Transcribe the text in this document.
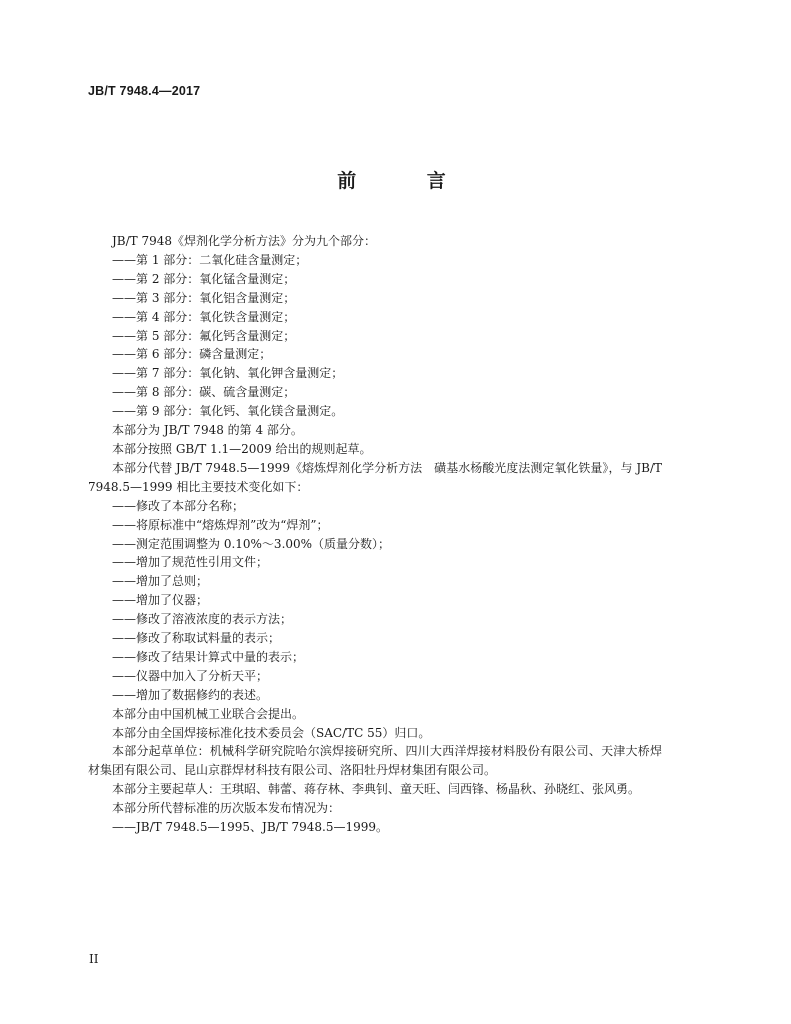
JB/T 7948.4—2017
前 言

JB/T 7948《焊剂化学分析方法》分为九个部分：

——第 1 部分：二氧化硅含量测定；

——第 2 部分：氧化锰含量测定；

——第 3 部分：氧化铝含量测定；

——第 4 部分：氧化铁含量测定；

——第 5 部分：氟化钙含量测定；

——第 6 部分：磷含量测定；

——第 7 部分：氧化钠、氧化钾含量测定；

——第 8 部分：碳、硫含量测定；

——第 9 部分：氧化钙、氧化镁含量测定。

本部分为 JB/T 7948 的第 4 部分。

本部分按照 GB/T 1.1—2009 给出的规则起草。

本部分代替 JB/T 7948.5—1999《熔炼焊剂化学分析方法　磺基水杨酸光度法测定氧化铁量》，与 JB/T 7948.5—1999 相比主要技术变化如下：

——修改了本部分名称；

——将原标准中“熔炼焊剂”改为“焊剂”；

——测定范围调整为 0.10%～3.00%（质量分数）；

——增加了规范性引用文件；

——增加了总则；

——增加了仪器；

——修改了溶液浓度的表示方法；

——修改了称取试料量的表示；

——修改了结果计算式中量的表示；

——仪器中加入了分析天平；

——增加了数据修约的表述。

本部分由中国机械工业联合会提出。

本部分由全国焊接标准化技术委员会（SAC/TC 55）归口。

本部分起草单位：机械科学研究院哈尔滨焊接研究所、四川大西洋焊接材料股份有限公司、天津大桥焊材集团有限公司、昆山京群焊材科技有限公司、洛阳牡丹焊材集团有限公司。

本部分主要起草人：王琪昭、韩蕾、蒋存林、李典钊、童天旺、闫西锋、杨晶秋、孙晓红、张风勇。

本部分所代替标准的历次版本发布情况为：

——JB/T 7948.5—1995、JB/T 7948.5—1999。

II
